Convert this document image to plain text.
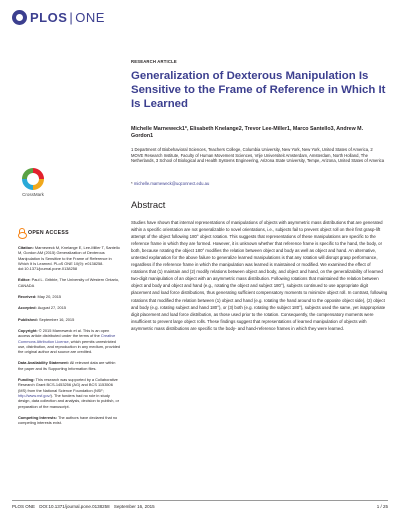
PLOS | ONE
RESEARCH ARTICLE
Generalization of Dexterous Manipulation Is Sensitive to the Frame of Reference in Which It Is Learned
Michelle Marneweck1*, Elisabeth Knelange2, Trevor Lee-Miller1, Marco Santello3, Andrew M. Gordon1
1 Department of Biobehavioral Sciences, Teachers College, Columbia University, New York, New York, United States of America, 2 MOVE Research Institute, Faculty of Human Movement Sciences, Vrije Universiteit Amsterdam, Amsterdam, North Holland, The Netherlands, 3 School of Biological and Health Systems Engineering, Arizona State University, Tempe, Arizona, United States of America
* michelle.marneweck@uqconnect.edu.au
CrossMark
OPEN ACCESS
Citation: Marneweck M, Knelange E, Lee-Miller T, Santello M, Gordon AM (2015) Generalization of Dexterous Manipulation Is Sensitive to the Frame of Reference in Which It Is Learned. PLoS ONE 10(9): e0138258. doi:10.1371/journal.pone.0138258
Editor: Paul L. Gribble, The University of Western Ontario, CANADA
Received: May 20, 2015
Accepted: August 27, 2015
Published: September 16, 2015
Copyright: © 2015 Marneweck et al. This is an open access article distributed under the terms of the Creative Commons Attribution License, which permits unrestricted use, distribution, and reproduction in any medium, provided the original author and source are credited.
Data Availability Statement: All relevant data are within the paper and its Supporting Information files.
Funding: This research was supported by a Collaborative Research Grant BCS-1453256 (AG) and BCS 1153506 (MS) from the National Science Foundation (NSF; http://www.nsf.gov/). The funders had no role in study design, data collection and analysis, decision to publish, or preparation of the manuscript.
Competing Interests: The authors have declared that no competing interests exist.
Abstract

Studies have shown that internal representations of manipulations of objects with asymmetric mass distributions that are generated within a specific orientation are not generalizable to novel orientations, i.e., subjects fail to prevent object roll on their first grasp-lift attempt of the object following 180° object rotation. This suggests that representations of these manipulations are specific to the reference frame in which they are formed. However, it is unknown whether that reference frame is specific to the hand, the body, or both, because rotating the object 180° modifies the relation between object and body as well as object and hand. An alternative, untested explanation for the above failure to generalize learned manipulations is that any rotation will disrupt grasp performance, regardless if the reference frame in which the manipulation was learned is maintained or modified. We examined the effect of rotations that (1) maintain and (2) modify relations between object and body, and object and hand, on the generalizability of learned two-digit manipulation of an object with an asymmetric mass distribution. Following rotations that maintained the relation between object and body and object and hand (e.g., rotating the object and subject 180°), subjects continued to use appropriate digit placement and load force distributions, thus generating sufficient compensatory moments to minimize object roll. In contrast, following rotations that modified the relation between (1) object and hand (e.g. rotating the hand around to the opposite object side), (2) object and body (e.g. rotating subject and hand 180°), or (3) both (e.g. rotating the subject 180°), subjects used the same, yet inappropriate digit placement and load force distribution, as those used prior to the rotation. Consequently, the compensatory moments were insufficient to prevent large object rolls. These findings suggest that representations of learned manipulation of objects with asymmetric mass distributions are specific to the body- and hand-reference frames in which they were learned.

PLOS ONE DOI:10.1371/journal.pone.0138258 September 16, 2015	1 / 25
